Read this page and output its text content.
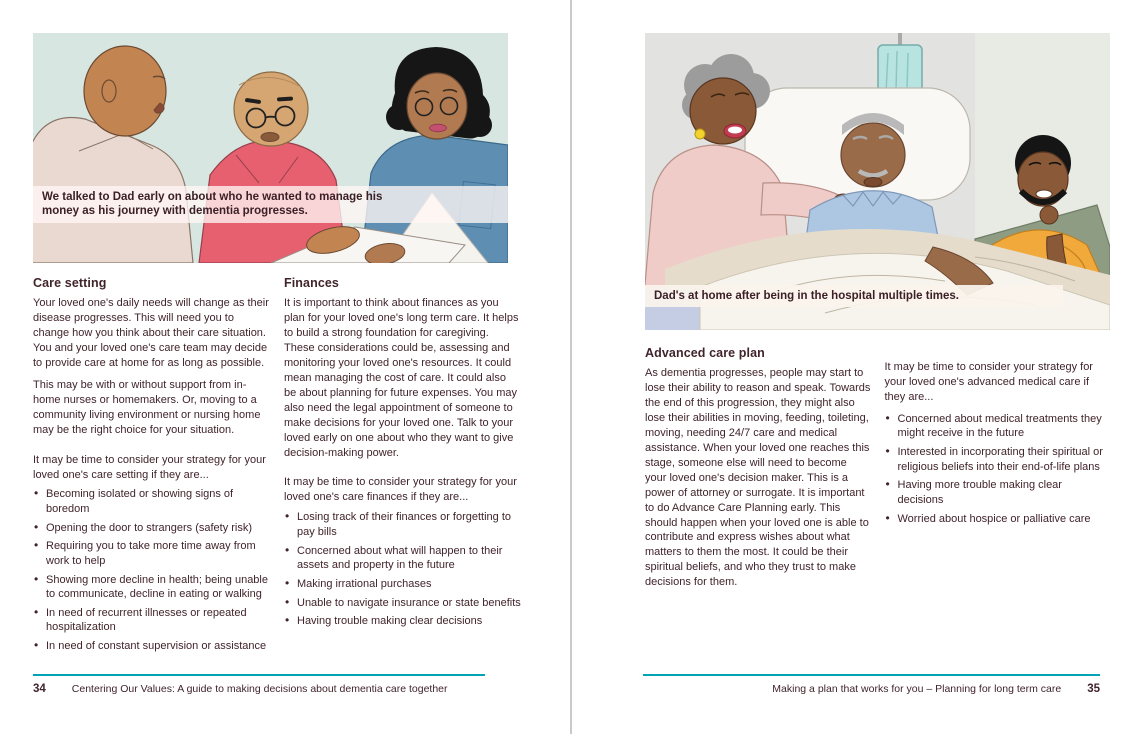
We talked to Dad early on about who he wanted to manage his money as his journey with dementia progresses.
Care setting

Your loved one's daily needs will change as their disease progresses. This will need you to change how you think about their care situation. You and your loved one's care team may decide to provide care at home for as long as possible.

This may be with or without support from in-home nurses or homemakers. Or, moving to a community living environment or nursing home may be the right choice for your situation.

It may be time to consider your strategy for your loved one's care setting if they are...

• Becoming isolated or showing signs of boredom
• Opening the door to strangers (safety risk)
• Requiring you to take more time away from work to help
• Showing more decline in health; being unable to communicate, decline in eating or walking
• In need of recurrent illnesses or repeated hospitalization
• In need of constant supervision or assistance
Finances

It is important to think about finances as you plan for your loved one's long term care. It helps to build a strong foundation for caregiving. These considerations could be, assessing and monitoring your loved one's resources. It could mean managing the cost of care. It could also be about planning for future expenses. You may also need the legal appointment of someone to make decisions for your loved one. Talk to your loved early on one about who they want to give decision-making power.

It may be time to consider your strategy for your loved one's care finances if they are...

• Losing track of their finances or forgetting to pay bills
• Concerned about what will happen to their assets and property in the future
• Making irrational purchases
• Unable to navigate insurance or state benefits
• Having trouble making clear decisions
34 Centering Our Values: A guide to making decisions about dementia care together
Dad's at home after being in the hospital multiple times.
Advanced care plan

As dementia progresses, people may start to lose their ability to reason and speak. Towards the end of this progression, they might also lose their abilities in moving, feeding, toileting, moving, needing 24/7 care and medical assistance. When your loved one reaches this stage, someone else will need to become your loved one's decision maker. This is a power of attorney or surrogate. It is important to do Advance Care Planning early. This should happen when your loved one is able to contribute and express wishes about what matters to them the most. It could be their spiritual beliefs, and who they trust to make decisions for them.

It may be time to consider your strategy for your loved one's advanced medical care if they are...

• Concerned about medical treatments they might receive in the future
• Interested in incorporating their spiritual or religious beliefs into their end-of-life plans
• Having more trouble making clear decisions
• Worried about hospice or palliative care
Making a plan that works for you – Planning for long term care 35
